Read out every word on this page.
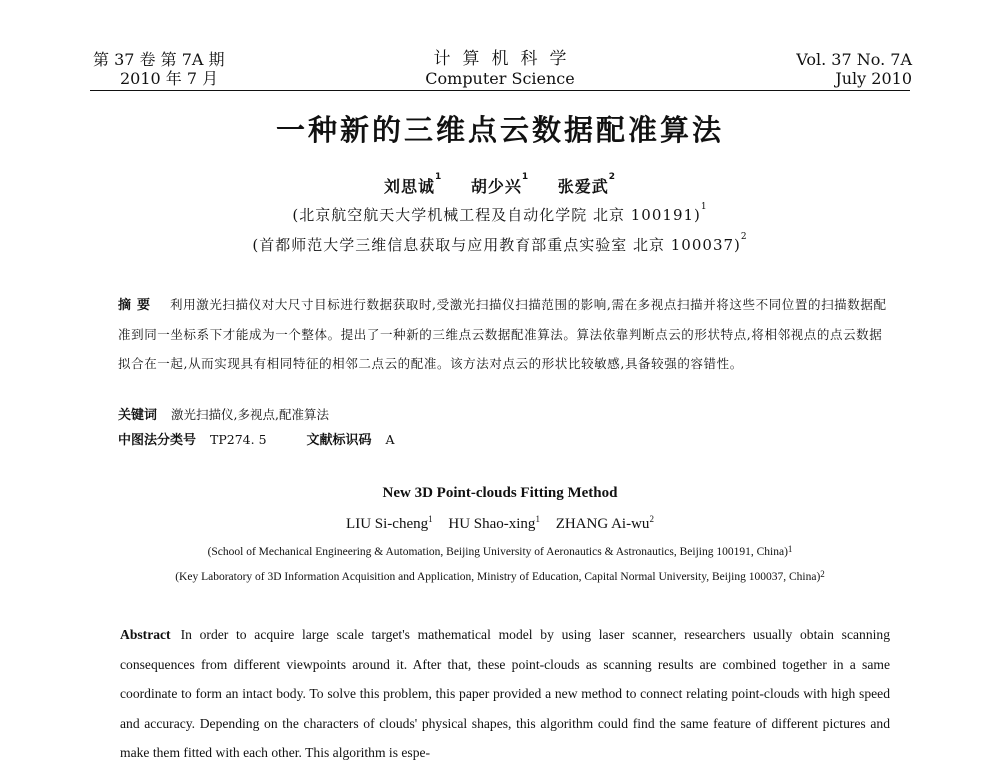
第 37 卷 第 7A 期
2010 年 7 月
计算机科学
Computer Science
Vol. 37 No. 7A
July 2010
一种新的三维点云数据配准算法
刘思诚$^1$ 胡少兴$^1$ 张爱武$^2$
(北京航空航天大学机械工程及自动化学院 北京 100191)$^1$
(首都师范大学三维信息获取与应用教育部重点实验室 北京 100037)$^2$
摘要 利用激光扫描仪对大尺寸目标进行数据获取时,受激光扫描仪扫描范围的影响,需在多视点扫描并将这些不同位置的扫描数据配准到同一坐标系下才能成为一个整体。提出了一种新的三维点云数据配准算法。算法依靠判断点云的形状特点,将相邻视点的点云数据拟合在一起,从而实现具有相同特征的相邻二点云的配准。该方法对点云的形状比较敏感,具备较强的容错性。
关键词 激光扫描仪,多视点,配准算法
中图法分类号 TP274. 5	文献标识码 A
New 3D Point-clouds Fitting Method
LIU Si-cheng$^1$ HU Shao-xing$^1$ ZHANG $Ai-wu^2$
(School of Mechanical Engineering & Automation, Beijing University of Aeronautics & Astronautics, Beijing 100191, China)$^1$
(Key Laboratory of 3D Information Acquisition and Application, Ministry of Education, Capital Normal University, Beijing 100037, China)$^2$
Abstract In order to acquire large scale target's mathematical model by using laser scanner, researchers usually obtain scanning consequences from different viewpoints around it. After that, these point-clouds as scanning results are combined together in a same coordinate to form an intact body. To solve this problem, this paper provided a new method to connect relating point-clouds with high speed and accuracy. Depending on the characters of clouds' physical shapes, this algorithm could find the same feature of different pictures and make them fitted with each other. This algorithm is espe-
